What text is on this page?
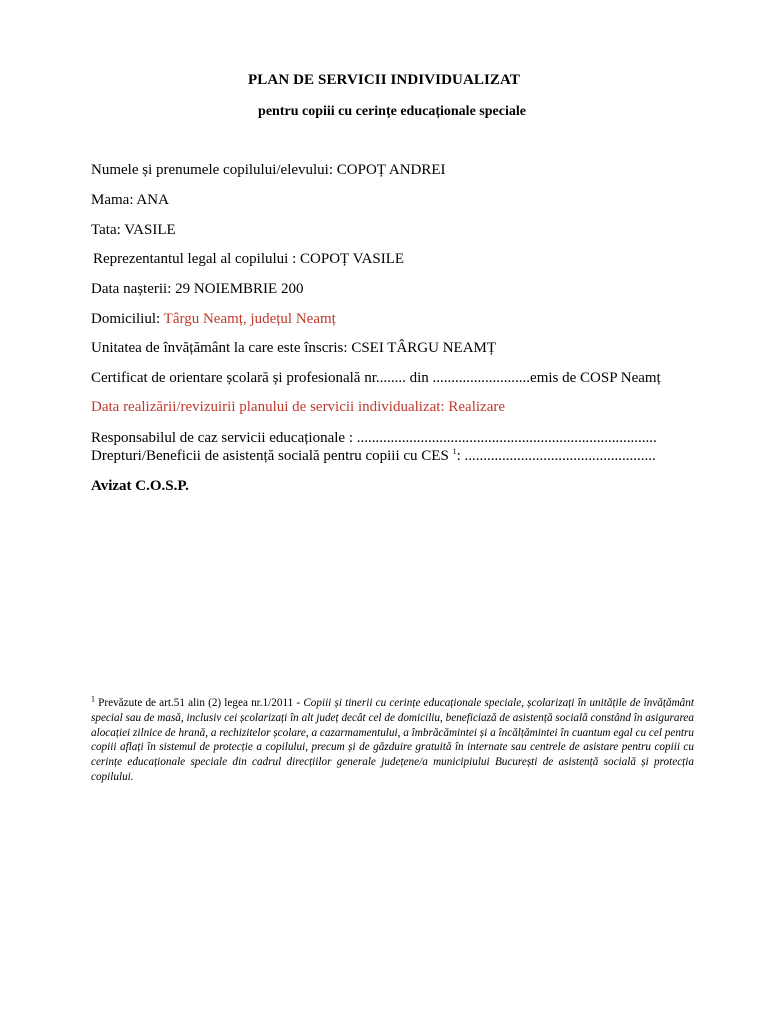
PLAN DE SERVICII INDIVIDUALIZAT
pentru copiii cu cerințe educaționale speciale
Numele și prenumele copilului/elevului: COPOȚ ANDREI
Mama: ANA
Tata: VASILE
Reprezentantul legal al copilului : COPOȚ VASILE
Data nașterii: 29 NOIEMBRIE 200
Domiciliul: Târgu Neamț, județul Neamț
Unitatea de învățământ la care este înscris: CSEI TÂRGU NEAMȚ
Certificat de orientare școlară și profesională nr........ din ..........................emis de COSP Neamț
Data realizării/revizuirii planului de servicii individualizat: Realizare
Responsabilul de caz servicii educaționale : ................................................................................
Drepturi/Beneficii de asistență socială pentru copiii cu CES $^1$: ...................................................
Avizat C.O.S.P.
$^1$ Prevăzute de art.51 alin (2) legea nr.1/2011 - Copiii și tinerii cu cerințe educaționale speciale, școlarizați în unitățile de învățământ special sau de masă, inclusiv cei școlarizați în alt județ decât cel de domiciliu, beneficiază de asistență socială constând în asigurarea alocației zilnice de hrană, a rechizitelor școlare, a cazarmamentului, a îmbrăcămintei și a încălțămintei în cuantum egal cu cel pentru copiii aflați în sistemul de protecție a copilului, precum și de găzduire gratuită în internate sau centrele de asistare pentru copiii cu cerințe educaționale speciale din cadrul direcțiilor generale județene/a municipiului București de asistență socială și protecția copilului.
